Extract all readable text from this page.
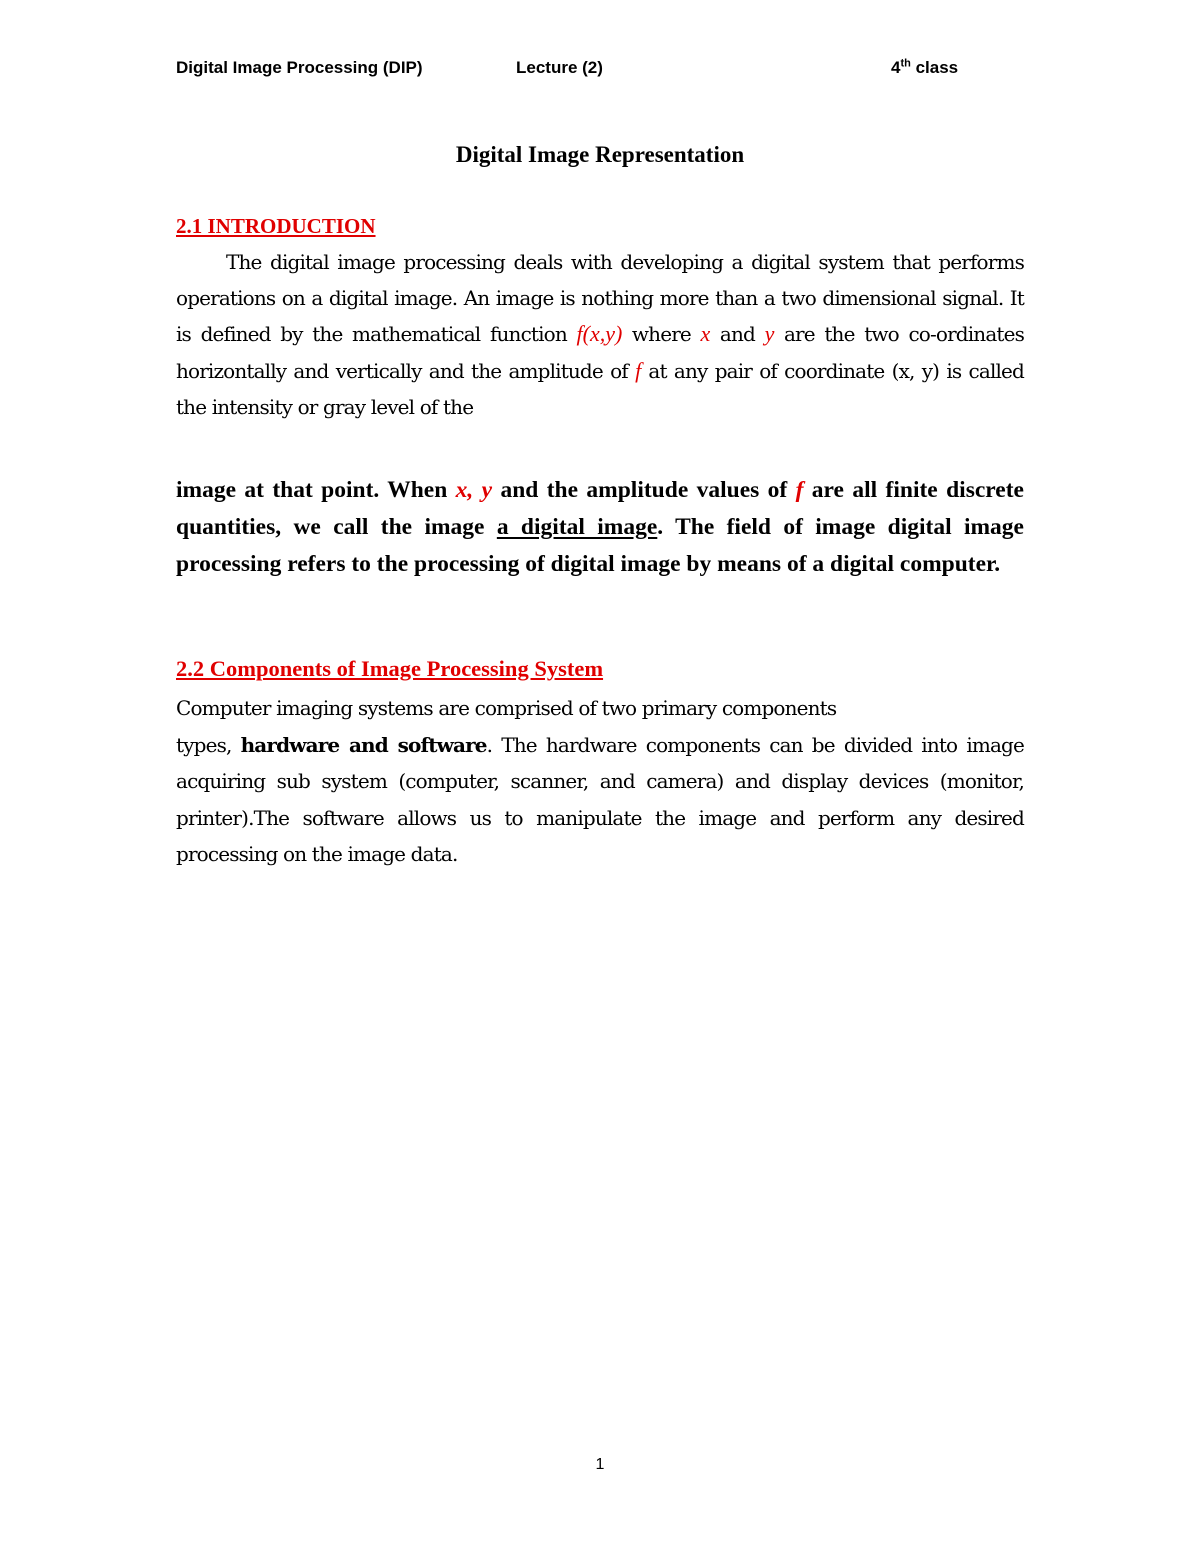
Digital Image Processing (DIP)	Lecture (2)	4th class
Digital Image Representation
2.1 INTRODUCTION
The digital image processing deals with developing a digital system that performs operations on a digital image. An image is nothing more than a two dimensional signal. It is defined by the mathematical function f(x,y) where x and y are the two co-ordinates horizontally and vertically and the amplitude of f at any pair of coordinate (x, y) is called the intensity or gray level of the
image at that point. When x, y and the amplitude values of f are all finite discrete quantities, we call the image a digital image. The field of image digital image processing refers to the processing of digital image by means of a digital computer.
2.2 Components of Image Processing System
Computer imaging systems are comprised of two primary components
types, hardware and software. The hardware components can be divided into image acquiring sub system (computer, scanner, and camera) and display devices (monitor, printer).The software allows us to manipulate the image and perform any desired processing on the image data.
1
